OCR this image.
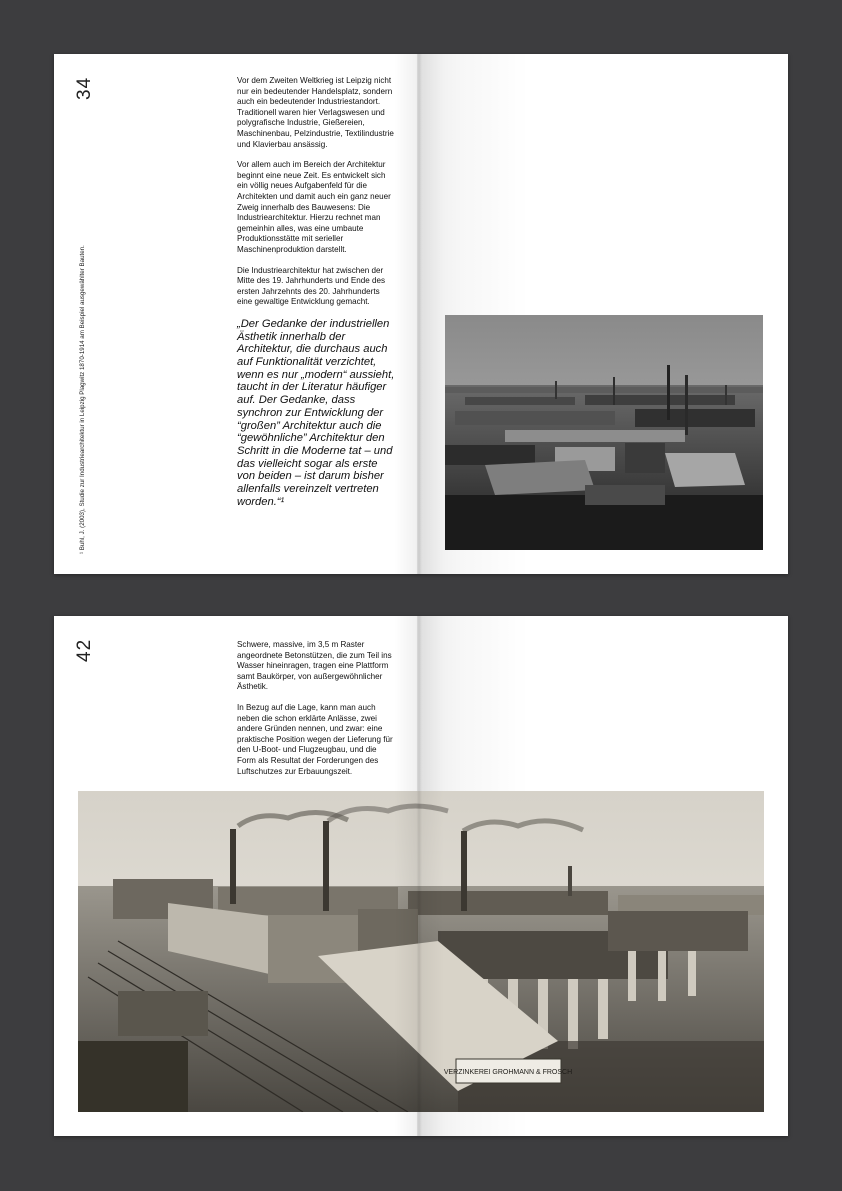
34
¹ Buhl, J. (2003), Studie zur Industriearchitektur in Leipzig Plagwitz 1870-1914 am Beispiel ausgewählter Bauten.

Vor dem Zweiten Weltkrieg ist Leipzig nicht nur ein bedeutender Handelsplatz, sondern auch ein bedeutender Industriestandort. Traditionell waren hier Verlagswesen und polygrafische Industrie, Gießereien, Maschinenbau, Pelzindustrie, Textilindustrie und Klavierbau ansässig.

Vor allem auch im Bereich der Architektur beginnt eine neue Zeit. Es entwickelt sich ein völlig neues Aufgabenfeld für die Architekten und damit auch ein ganz neuer Zweig innerhalb des Bauwesens: Die Industriearchitektur. Hierzu rechnet man gemeinhin alles, was eine umbaute Produktionsstätte mit serieller Maschinenproduktion darstellt.

Die Industriearchitektur hat zwischen der Mitte des 19. Jahrhunderts und Ende des ersten Jahrzehnts des 20. Jahrhunderts eine gewaltige Entwicklung gemacht.

„Der Gedanke der industriellen Ästhetik innerhalb der Architektur, die durchaus auch auf Funktionalität verzichtet, wenn es nur „modern“ aussieht, taucht in der Literatur häufiger auf. Der Gedanke, dass synchron zur Entwicklung der “großen” Architektur auch die “gewöhnliche” Architektur den Schritt in die Moderne tat – und das vielleicht sogar als erste von beiden – ist darum bisher allenfalls vereinzelt vertreten worden.“¹

42	Schwere, massive, im 3,5 m Raster angeordnete Betonstützen, die zum Teil ins Wasser hineinragen, tragen eine Plattform samt Baukörper, von außergewöhnlicher Ästhetik.

In Bezug auf die Lage, kann man auch neben die schon erklärte Anlässe, zwei andere Gründen nennen, und zwar: eine praktische Position wegen der Lieferung für den U-Boot- und Flugzeugbau, und die Form als Resultat der Forderungen des Luftschutzes zur Erbauungszeit.

VERZINKEREI GROHMANN & FROSCH
